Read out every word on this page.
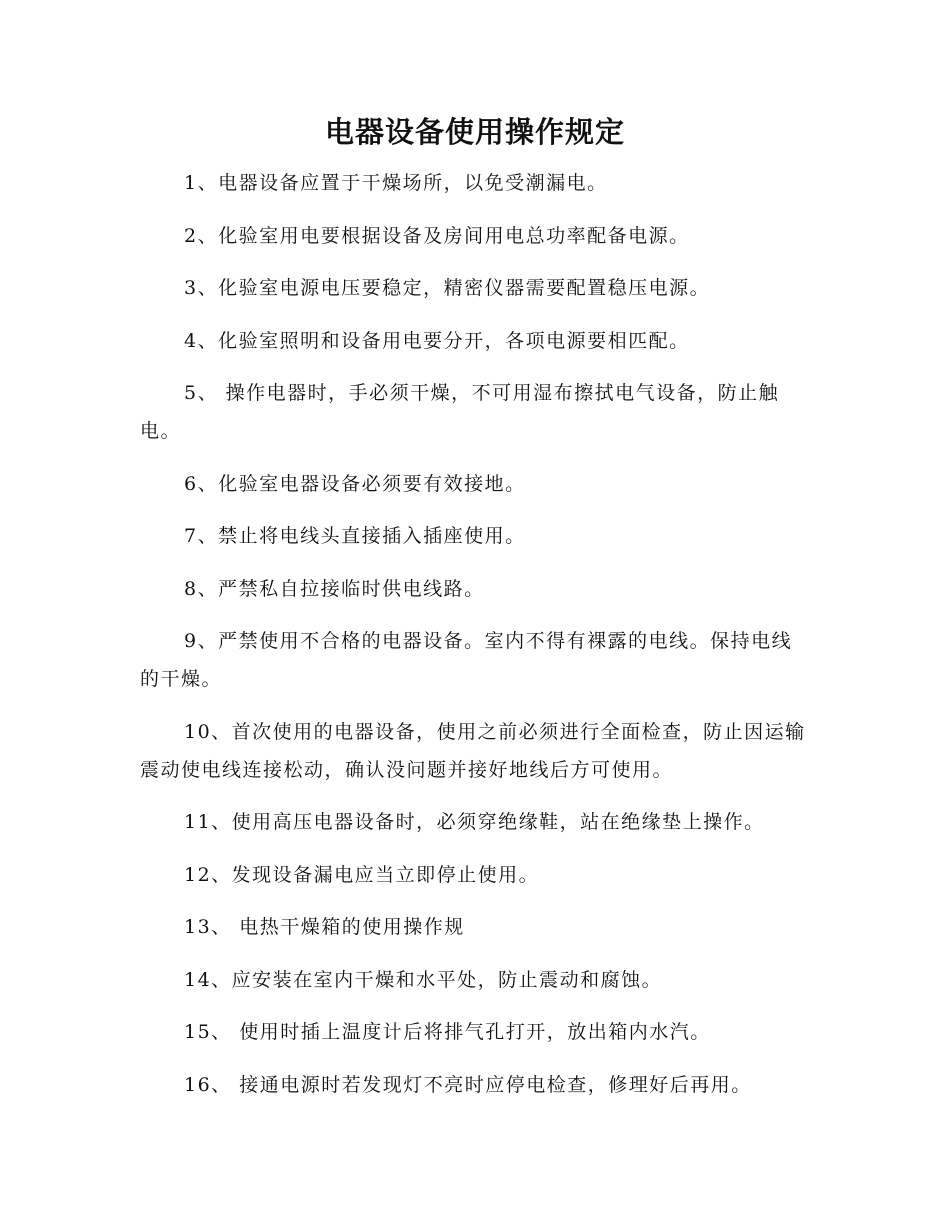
电器设备使用操作规定

1、电器设备应置于干燥场所，以免受潮漏电。

2、化验室用电要根据设备及房间用电总功率配备电源。

3、化验室电源电压要稳定，精密仪器需要配置稳压电源。

4、化验室照明和设备用电要分开，各项电源要相匹配。

5、 操作电器时，手必须干燥，不可用湿布擦拭电气设备，防止触电。

6、化验室电器设备必须要有效接地。

7、禁止将电线头直接插入插座使用。

8、严禁私自拉接临时供电线路。

9、严禁使用不合格的电器设备。室内不得有裸露的电线。保持电线的干燥。

10、首次使用的电器设备，使用之前必须进行全面检查，防止因运输震动使电线连接松动，确认没问题并接好地线后方可使用。

11、使用高压电器设备时，必须穿绝缘鞋，站在绝缘垫上操作。

12、发现设备漏电应当立即停止使用。

13、 电热干燥箱的使用操作规

14、应安装在室内干燥和水平处，防止震动和腐蚀。

15、 使用时插上温度计后将排气孔打开，放出箱内水汽。

16、 接通电源时若发现灯不亮时应停电检查，修理好后再用。
